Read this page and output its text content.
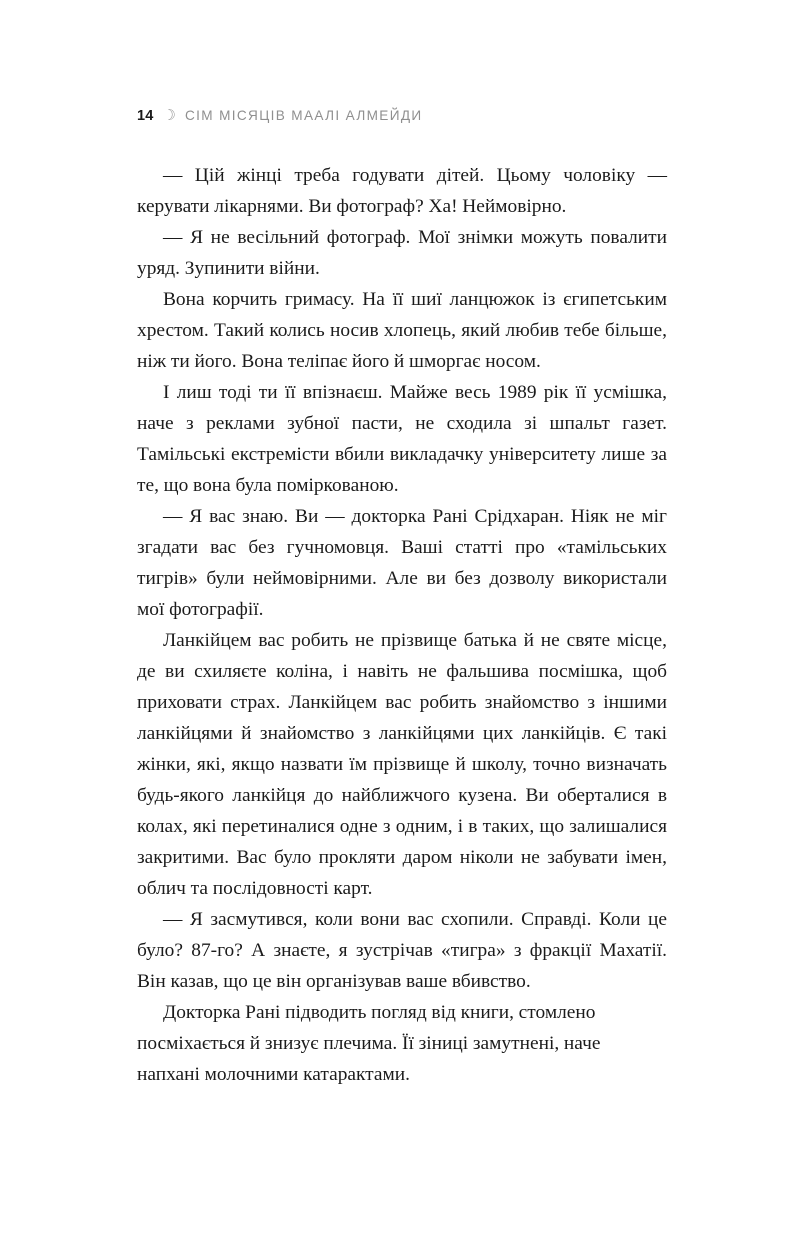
14 ☽ СІМ МІСЯЦІВ МААЛІ АЛМЕЙДИ

— Цій жінці треба годувати дітей. Цьому чоловіку — керувати лікарнями. Ви фотограф? Ха! Неймовірно.

— Я не весільний фотограф. Мої знімки можуть повалити уряд. Зупинити війни.

Вона корчить гримасу. На її шиї ланцюжок із єгипетським хрестом. Такий колись носив хлопець, який любив тебе більше, ніж ти його. Вона теліпає його й шморгає носом.

І лиш тоді ти її впізнаєш. Майже весь 1989 рік її усмішка, наче з реклами зубної пасти, не сходила зі шпальт газет. Тамільські екстремісти вбили викладачку університету лише за те, що вона була поміркованою.

— Я вас знаю. Ви — докторка Рані Срідхаран. Ніяк не міг згадати вас без гучномовця. Ваші статті про «тамільських тигрів» були неймовірними. Але ви без дозволу використали мої фотографії.

Ланкійцем вас робить не прізвище батька й не святе місце, де ви схиляєте коліна, і навіть не фальшива посмішка, щоб приховати страх. Ланкійцем вас робить знайомство з іншими ланкійцями й знайомство з ланкійцями цих ланкійців. Є такі жінки, які, якщо назвати їм прізвище й школу, точно визначать будь-якого ланкійця до найближчого кузена. Ви оберталися в колах, які перетиналися одне з одним, і в таких, що залишалися закритими. Вас було прокляти даром ніколи не забувати імен, облич та послідовності карт.

— Я засмутився, коли вони вас схопили. Справді. Коли це було? 87-го? А знаєте, я зустрічав «тигра» з фракції Махатії. Він казав, що це він організував ваше вбивство.

Докторка Рані підводить погляд від книги, стомлено посміхається й знизує плечима. Її зіниці замутнені, наче напхані молочними катарактами.
